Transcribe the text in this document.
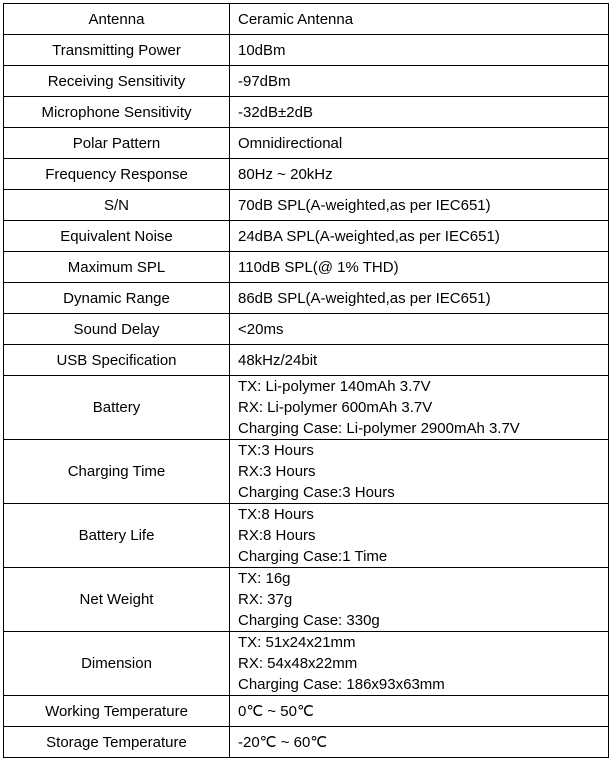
Antenna	Ceramic Antenna

Transmitting Power	10dBm

Receiving Sensitivity	-97dBm

Microphone Sensitivity	-32dB±2dB

Polar Pattern	Omnidirectional

Frequency Response	80Hz ~ 20kHz

S/N	70dB SPL(A-weighted,as per IEC651)

Equivalent Noise	24dBA SPL(A-weighted,as per IEC651)

Maximum SPL	110dB SPL(@ 1% THD)

Dynamic Range	86dB SPL(A-weighted,as per IEC651)

Sound Delay	<20ms

USB Specification	48kHz/24bit

Battery	TX: Li-polymer 140mAh 3.7V
RX: Li-polymer 600mAh 3.7V
Charging Case: Li-polymer 2900mAh 3.7V

Charging Time	TX:3 Hours
RX:3 Hours
Charging Case:3 Hours

Battery Life	TX:8 Hours
RX:8 Hours
Charging Case:1 Time

Net Weight	TX: 16g
RX: 37g
Charging Case: 330g

Dimension	TX: 51x24x21mm
RX: 54x48x22mm
Charging Case: 186x93x63mm

Working Temperature	0℃ ~ 50℃

Storage Temperature	-20℃ ~ 60℃
